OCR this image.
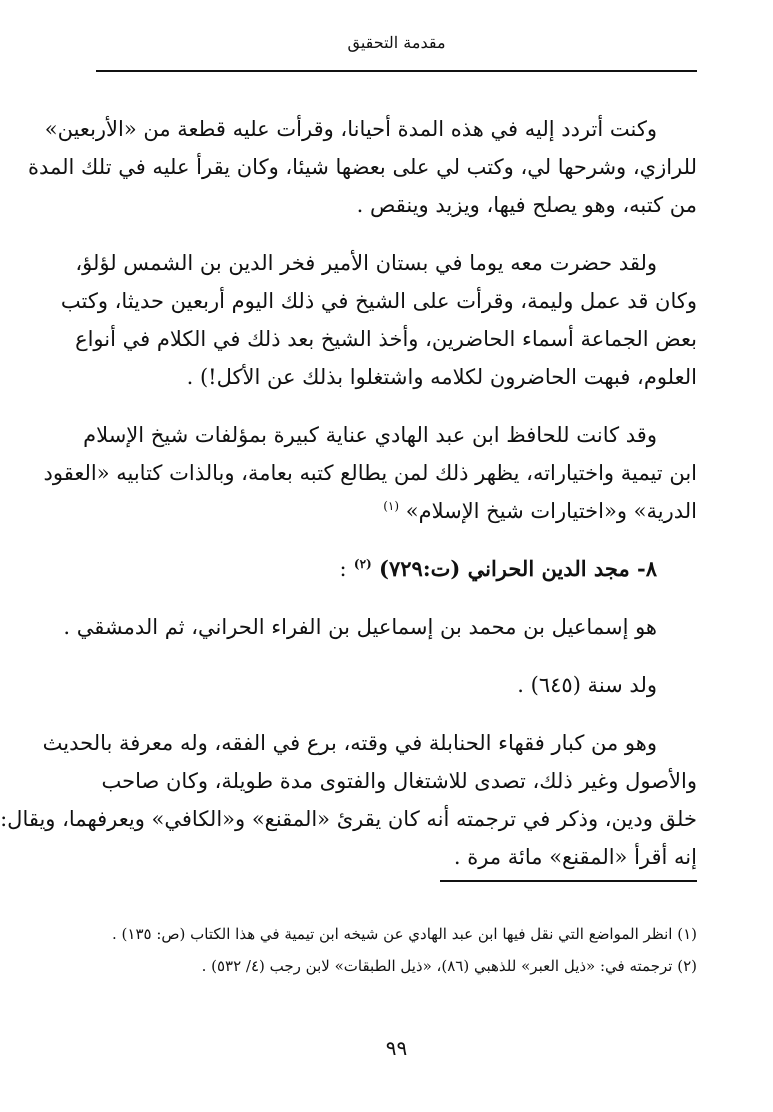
مقدمة التحقيق
وكنت أتردد إليه في هذه المدة أحيانا، وقرأت عليه قطعة من «الأربعين»
للرازي، وشرحها لي، وكتب لي على بعضها شيئا، وكان يقرأ عليه في تلك المدة
من كتبه، وهو يصلح فيها، ويزيد وينقص .
ولقد حضرت معه يوما في بستان الأمير فخر الدين بن الشمس لؤلؤ،
وكان قد عمل وليمة، وقرأت على الشيخ في ذلك اليوم أربعين حديثا، وكتب
بعض الجماعة أسماء الحاضرين، وأخذ الشيخ بعد ذلك في الكلام في أنواع
العلوم، فبهت الحاضرون لكلامه واشتغلوا بذلك عن الأكل!) .
وقد كانت للحافظ ابن عبد الهادي عناية كبيرة بمؤلفات شيخ الإسلام
ابن تيمية واختياراته، يظهر ذلك لمن يطالع كتبه بعامة، وبالذات كتابيه «العقود
الدرية» و«اختيارات شيخ الإسلام» $^{(١)}$
٨- مجد الدين الحراني (ت:٧٢٩) $^{(٢)}$ :
هو إسماعيل بن محمد بن إسماعيل بن الفراء الحراني، ثم الدمشقي .
ولد سنة (٦٤٥) .
وهو من كبار فقهاء الحنابلة في وقته، برع في الفقه، وله معرفة بالحديث
والأصول وغير ذلك، تصدى للاشتغال والفتوى مدة طويلة، وكان صاحب
خلق ودين، وذكر في ترجمته أنه كان يقرئ «المقنع» و«الكافي» ويعرفهما، ويقال:
إنه أقرأ «المقنع» مائة مرة .
(١) انظر المواضع التي نقل فيها ابن عبد الهادي عن شيخه ابن تيمية في هذا الكتاب (ص: ١٣٥) .
(٢) ترجمته في: «ذيل العبر» للذهبي (٨٦)، «ذيل الطبقات» لابن رجب (٤/ ٥٣٢) .
٩٩
